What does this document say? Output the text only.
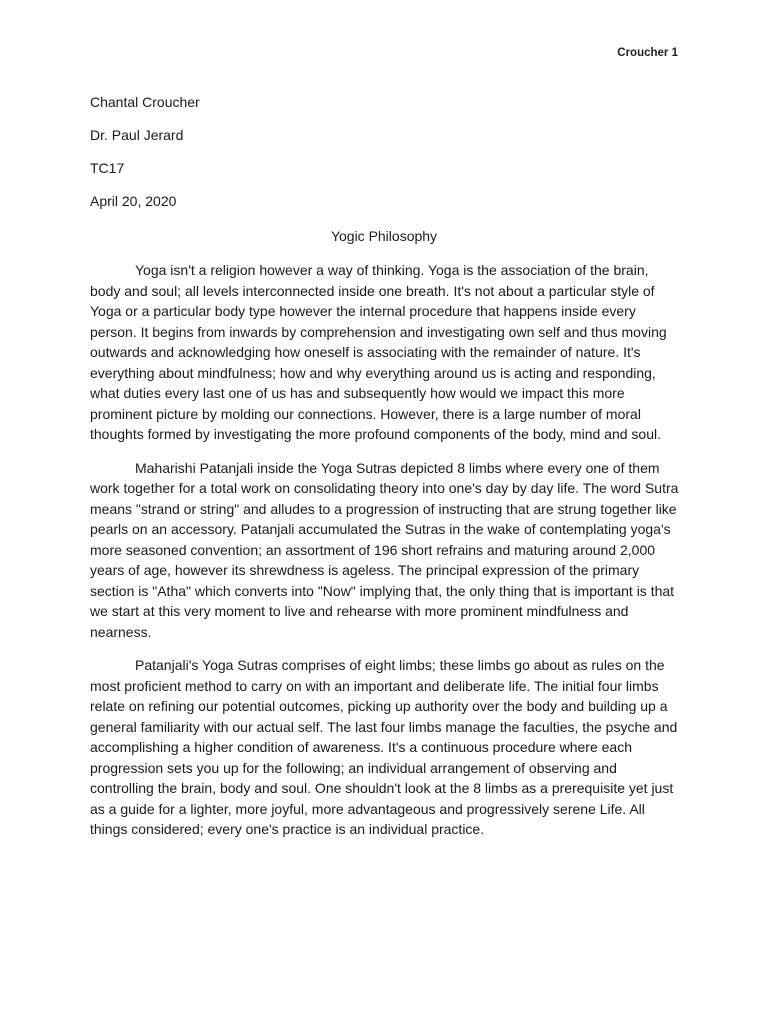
Croucher 1
Chantal Croucher
Dr. Paul Jerard
TC17
April 20, 2020
Yogic Philosophy

Yoga isn't a religion however a way of thinking. Yoga is the association of the brain, body and soul; all levels interconnected inside one breath. It's not about a particular style of Yoga or a particular body type however the internal procedure that happens inside every person. It begins from inwards by comprehension and investigating own self and thus moving outwards and acknowledging how oneself is associating with the remainder of nature. It's everything about mindfulness; how and why everything around us is acting and responding, what duties every last one of us has and subsequently how would we impact this more prominent picture by molding our connections. However, there is a large number of moral thoughts formed by investigating the more profound components of the body, mind and soul.

Maharishi Patanjali inside the Yoga Sutras depicted 8 limbs where every one of them work together for a total work on consolidating theory into one's day by day life. The word Sutra means "strand or string" and alludes to a progression of instructing that are strung together like pearls on an accessory. Patanjali accumulated the Sutras in the wake of contemplating yoga's more seasoned convention; an assortment of 196 short refrains and maturing around 2,000 years of age, however its shrewdness is ageless. The principal expression of the primary section is "Atha" which converts into "Now" implying that, the only thing that is important is that we start at this very moment to live and rehearse with more prominent mindfulness and nearness.

Patanjali's Yoga Sutras comprises of eight limbs; these limbs go about as rules on the most proficient method to carry on with an important and deliberate life. The initial four limbs relate on refining our potential outcomes, picking up authority over the body and building up a general familiarity with our actual self. The last four limbs manage the faculties, the psyche and accomplishing a higher condition of awareness. It's a continuous procedure where each progression sets you up for the following; an individual arrangement of observing and controlling the brain, body and soul. One shouldn't look at the 8 limbs as a prerequisite yet just as a guide for a lighter, more joyful, more advantageous and progressively serene Life. All things considered; every one's practice is an individual practice.
